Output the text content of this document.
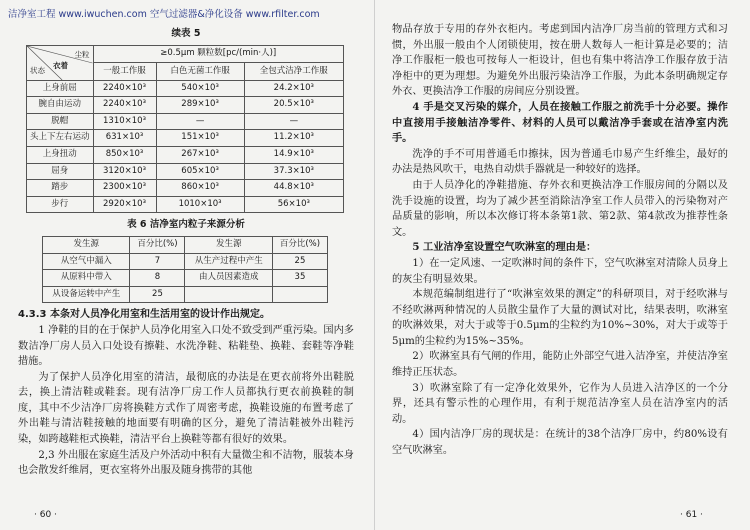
洁净室工程 www.iwuchen.com 空气过滤器&净化设备 www.rfilter.com
续表 5
尘粒
衣着
状态	≥0.5μm 颗粒数[pc/(min·人)]		
	一般工作服	白色无菌工作服	全包式洁净工作服
上身前屈	2240×10³	540×10³	24.2×10³
腕自由运动	2240×10³	289×10³	20.5×10³
脱帽	1310×10³	—	—
头上下左右运动	631×10³	151×10³	11.2×10³
上身扭动	850×10³	267×10³	14.9×10³
屈身	3120×10³	605×10³	37.3×10³
踏步	2300×10³	860×10³	44.8×10³
步行	2920×10³	1010×10³	56×10³
表 6 洁净室内粒子来源分析
发生源	百分比(%)	发生源	百分比(%)
从空气中漏入	7	从生产过程中产生	25
从原料中带入	8	由人员因素造成	35
从设备运转中产生	25		
4.3.3 本条对人员净化用室和生活用室的设计作出规定。

1 净鞋的目的在于保护人员净化用室入口处不致受到严重污染。国内多数洁净厂房人员入口处设有擦鞋、水洗净鞋、粘鞋垫、换鞋、套鞋等净鞋措施。

为了保护人员净化用室的清洁，最彻底的办法是在更衣前将外出鞋脱去，换上清洁鞋或鞋套。现有洁净厂房工作人员都执行更衣前换鞋的制度，其中不少洁净厂房将换鞋方式作了周密考虑，换鞋设施的布置考虑了外出鞋与清洁鞋接触的地面要有明确的区分，避免了清洁鞋被外出鞋污染，如跨越鞋柜式换鞋，清洁平台上换鞋等都有很好的效果。

2,3 外出服在家庭生活及户外活动中积有大量微尘和不洁物，服装本身也会散发纤维屑，更衣室将外出服及随身携带的其他

· 60 ·

物品存放于专用的存外衣柜内。考虑到国内洁净厂房当前的管理方式和习惯，外出服一般由个人闭锁使用，按在册人数每人一柜计算是必要的；洁净工作服柜一般也可按每人一柜设计，但也有集中将洁净工作服存放于洁净柜中的更为理想。为避免外出服污染洁净工作服，为此本条明确规定存外衣、更换洁净工作服的房间应分别设置。

4 手是交叉污染的媒介，人员在接触工作服之前洗手十分必要。操作中直接用手接触洁净零件、材料的人员可以戴洁净手套或在洁净室内洗手。

洗净的手不可用普通毛巾擦抹，因为普通毛巾易产生纤维尘，最好的办法是热风吹干，电热自动烘手器就是一种较好的选择。

由于人员净化的净鞋措施、存外衣和更换洁净工作服房间的分隔以及洗手设施的设置，均为了减少甚至消除洁净室工作人员带入的污染物对产品质量的影响，所以本次修订将本条第1款、第2款、第4款改为推荐性条文。

5 工业洁净室设置空气吹淋室的理由是：

1）在一定风速、一定吹淋时间的条件下，空气吹淋室对清除人员身上的灰尘有明显效果。

本规范编制组进行了“吹淋室效果的测定”的科研项目，对于经吹淋与不经吹淋两种情况的人员散尘量作了大量的测试对比，结果表明，吹淋室的吹淋效果，对大于或等于0.5μm的尘粒约为10%~30%，对大于或等于5μm的尘粒约为15%~35%。

2）吹淋室具有气闸的作用，能防止外部空气进入洁净室，并使洁净室维持正压状态。

3）吹淋室除了有一定净化效果外，它作为人员进入洁净区的一个分界，还具有警示性的心理作用，有利于规范洁净室人员在洁净室内的活动。

4）国内洁净厂房的现状是：在统计的38个洁净厂房中，约80%设有空气吹淋室。

· 61 ·
